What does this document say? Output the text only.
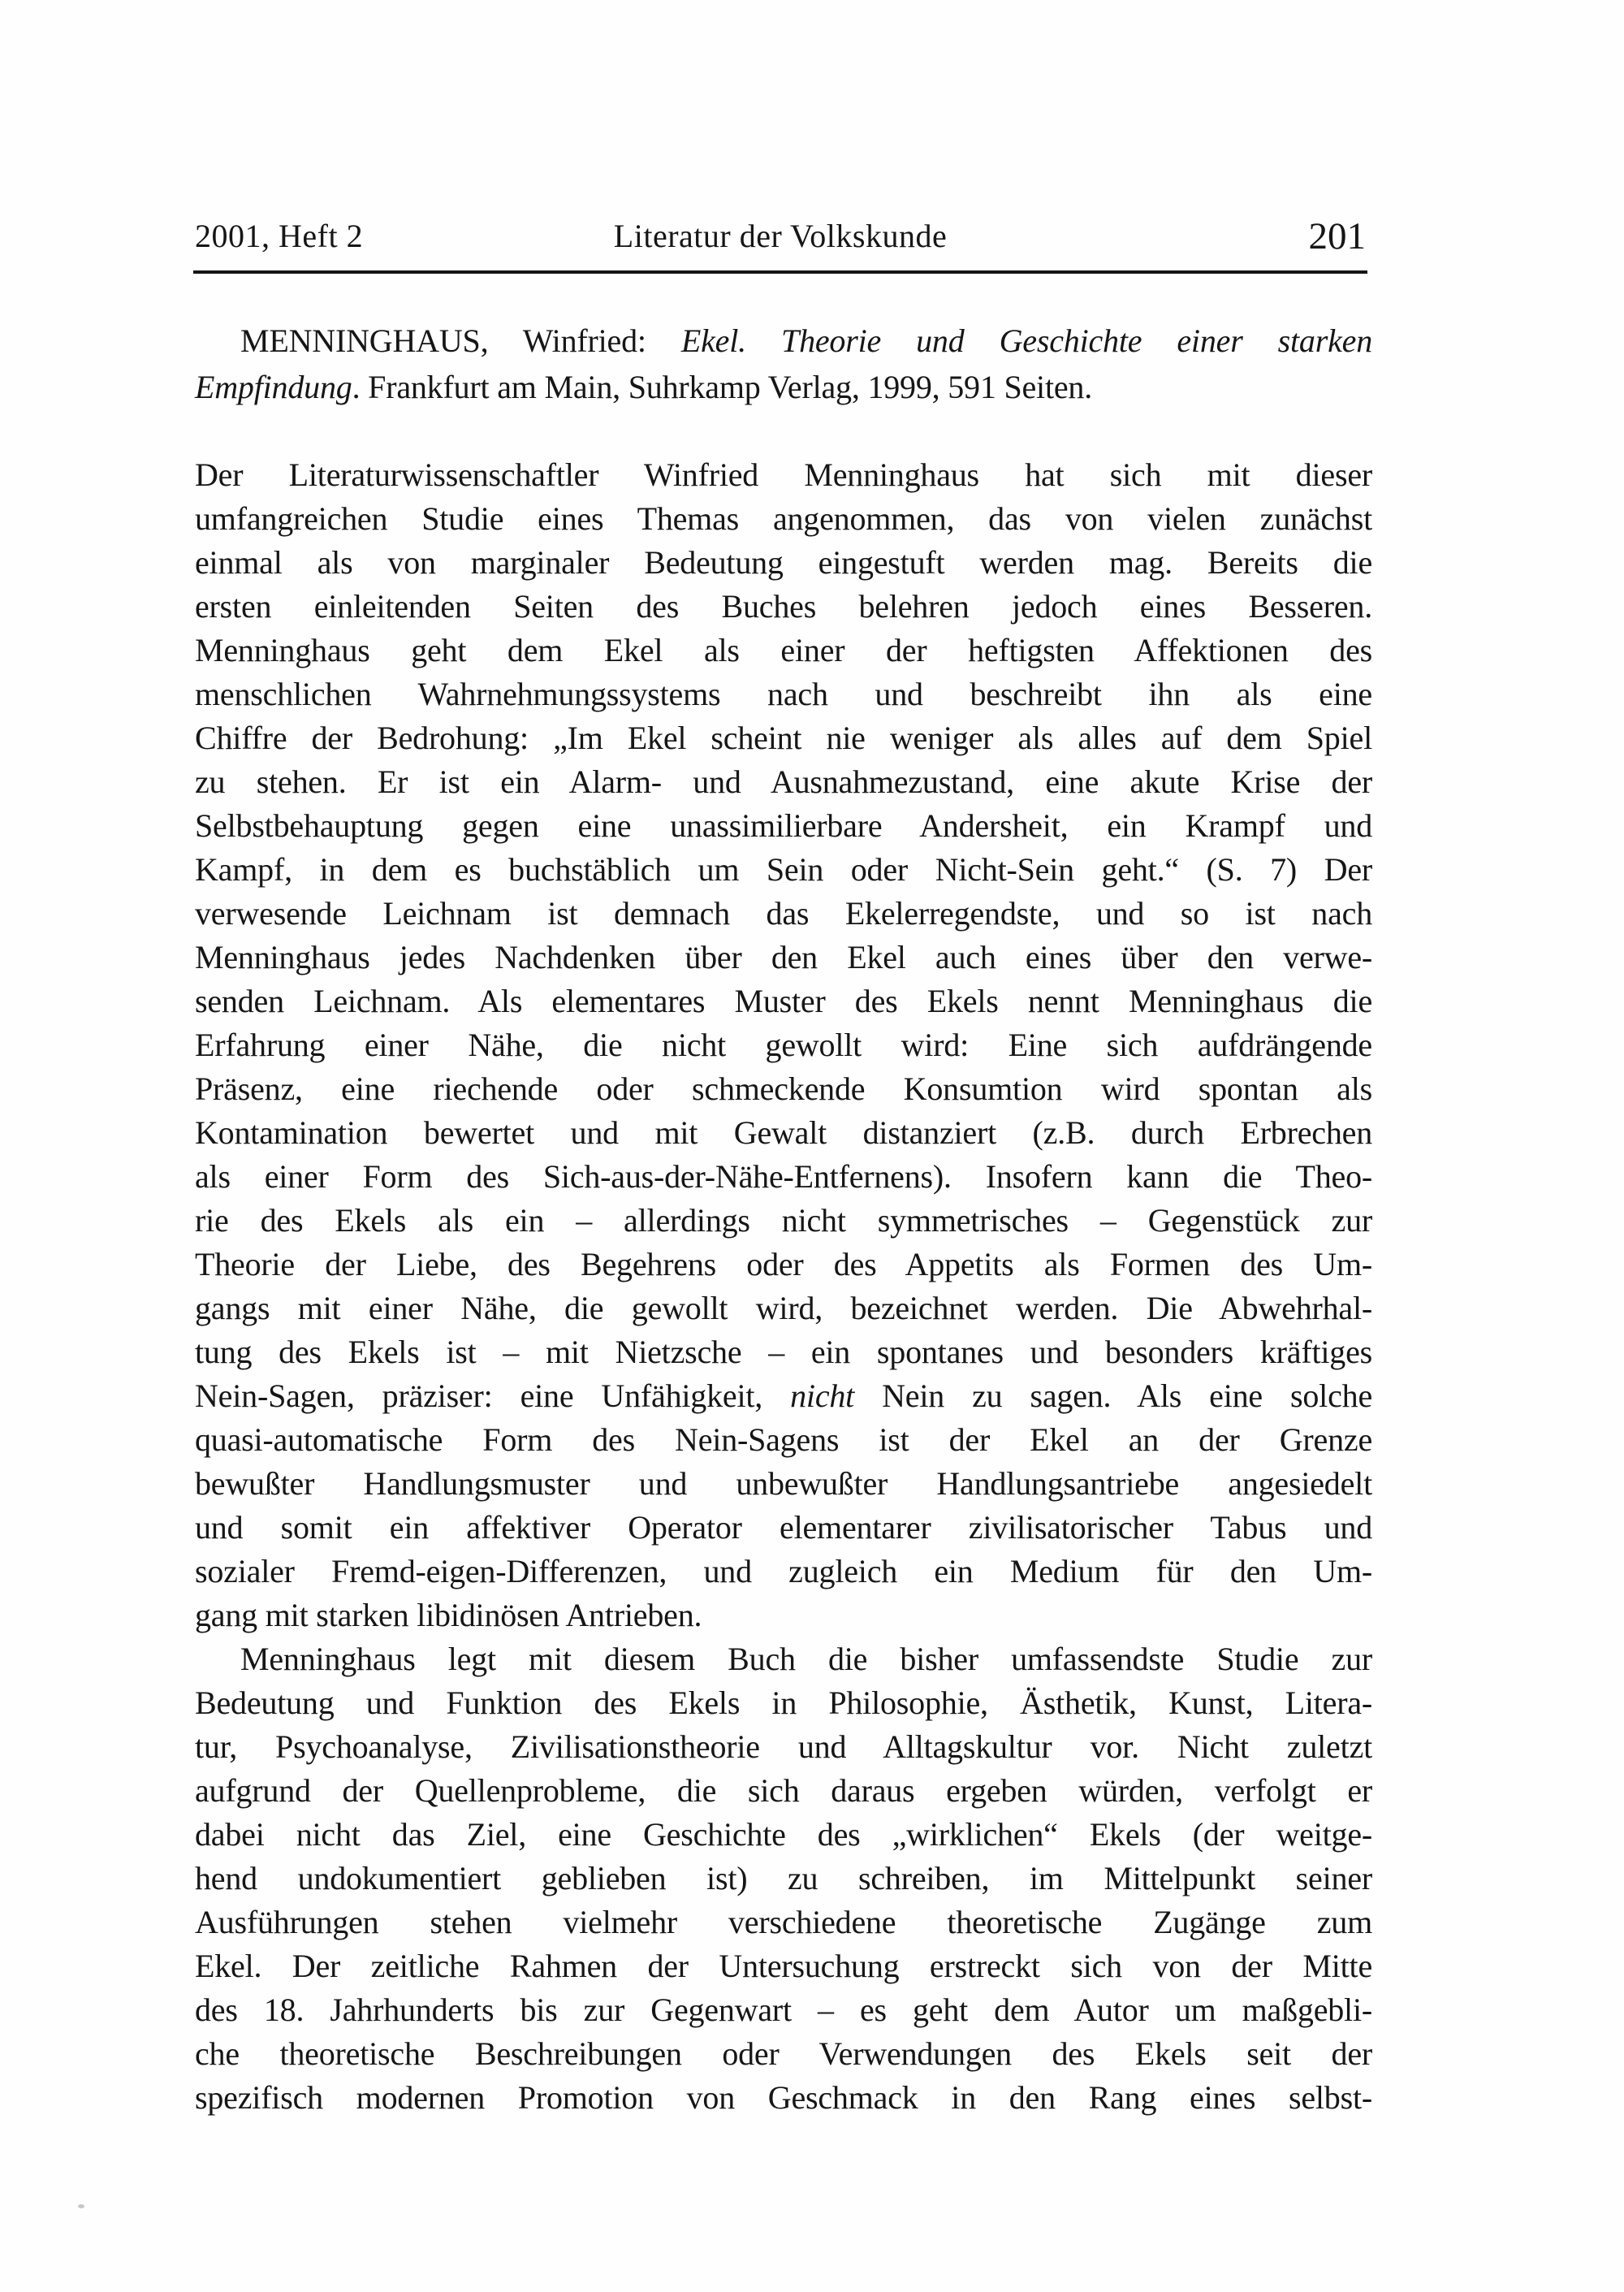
2001, Heft 2	Literatur der Volkskunde	201
MENNINGHAUS, Winfried: Ekel. Theorie und Geschichte einer starken
Empfindung. Frankfurt am Main, Suhrkamp Verlag, 1999, 591 Seiten.
Der Literaturwissenschaftler Winfried Menninghaus hat sich mit dieser
umfangreichen Studie eines Themas angenommen, das von vielen zunächst
einmal als von marginaler Bedeutung eingestuft werden mag. Bereits die
ersten einleitenden Seiten des Buches belehren jedoch eines Besseren.
Menninghaus geht dem Ekel als einer der heftigsten Affektionen des
menschlichen Wahrnehmungssystems nach und beschreibt ihn als eine
Chiffre der Bedrohung: „Im Ekel scheint nie weniger als alles auf dem Spiel
zu stehen. Er ist ein Alarm- und Ausnahmezustand, eine akute Krise der
Selbstbehauptung gegen eine unassimilierbare Andersheit, ein Krampf und
Kampf, in dem es buchstäblich um Sein oder Nicht-Sein geht.“ (S. 7) Der
verwesende Leichnam ist demnach das Ekelerregendste, und so ist nach
Menninghaus jedes Nachdenken über den Ekel auch eines über den verwe-
senden Leichnam. Als elementares Muster des Ekels nennt Menninghaus die
Erfahrung einer Nähe, die nicht gewollt wird: Eine sich aufdrängende
Präsenz, eine riechende oder schmeckende Konsumtion wird spontan als
Kontamination bewertet und mit Gewalt distanziert (z.B. durch Erbrechen
als einer Form des Sich-aus-der-Nähe-Entfernens). Insofern kann die Theo-
rie des Ekels als ein – allerdings nicht symmetrisches – Gegenstück zur
Theorie der Liebe, des Begehrens oder des Appetits als Formen des Um-
gangs mit einer Nähe, die gewollt wird, bezeichnet werden. Die Abwehrhal-
tung des Ekels ist – mit Nietzsche – ein spontanes und besonders kräftiges
Nein-Sagen, präziser: eine Unfähigkeit, nicht Nein zu sagen. Als eine solche
quasi-automatische Form des Nein-Sagens ist der Ekel an der Grenze
bewußter Handlungsmuster und unbewußter Handlungsantriebe angesiedelt
und somit ein affektiver Operator elementarer zivilisatorischer Tabus und
sozialer Fremd-eigen-Differenzen, und zugleich ein Medium für den Um-
gang mit starken libidinösen Antrieben.
Menninghaus legt mit diesem Buch die bisher umfassendste Studie zur
Bedeutung und Funktion des Ekels in Philosophie, Ästhetik, Kunst, Litera-
tur, Psychoanalyse, Zivilisationstheorie und Alltagskultur vor. Nicht zuletzt
aufgrund der Quellenprobleme, die sich daraus ergeben würden, verfolgt er
dabei nicht das Ziel, eine Geschichte des „wirklichen“ Ekels (der weitge-
hend undokumentiert geblieben ist) zu schreiben, im Mittelpunkt seiner
Ausführungen stehen vielmehr verschiedene theoretische Zugänge zum
Ekel. Der zeitliche Rahmen der Untersuchung erstreckt sich von der Mitte
des 18. Jahrhunderts bis zur Gegenwart – es geht dem Autor um maßgebli-
che theoretische Beschreibungen oder Verwendungen des Ekels seit der
spezifisch modernen Promotion von Geschmack in den Rang eines selbst-
